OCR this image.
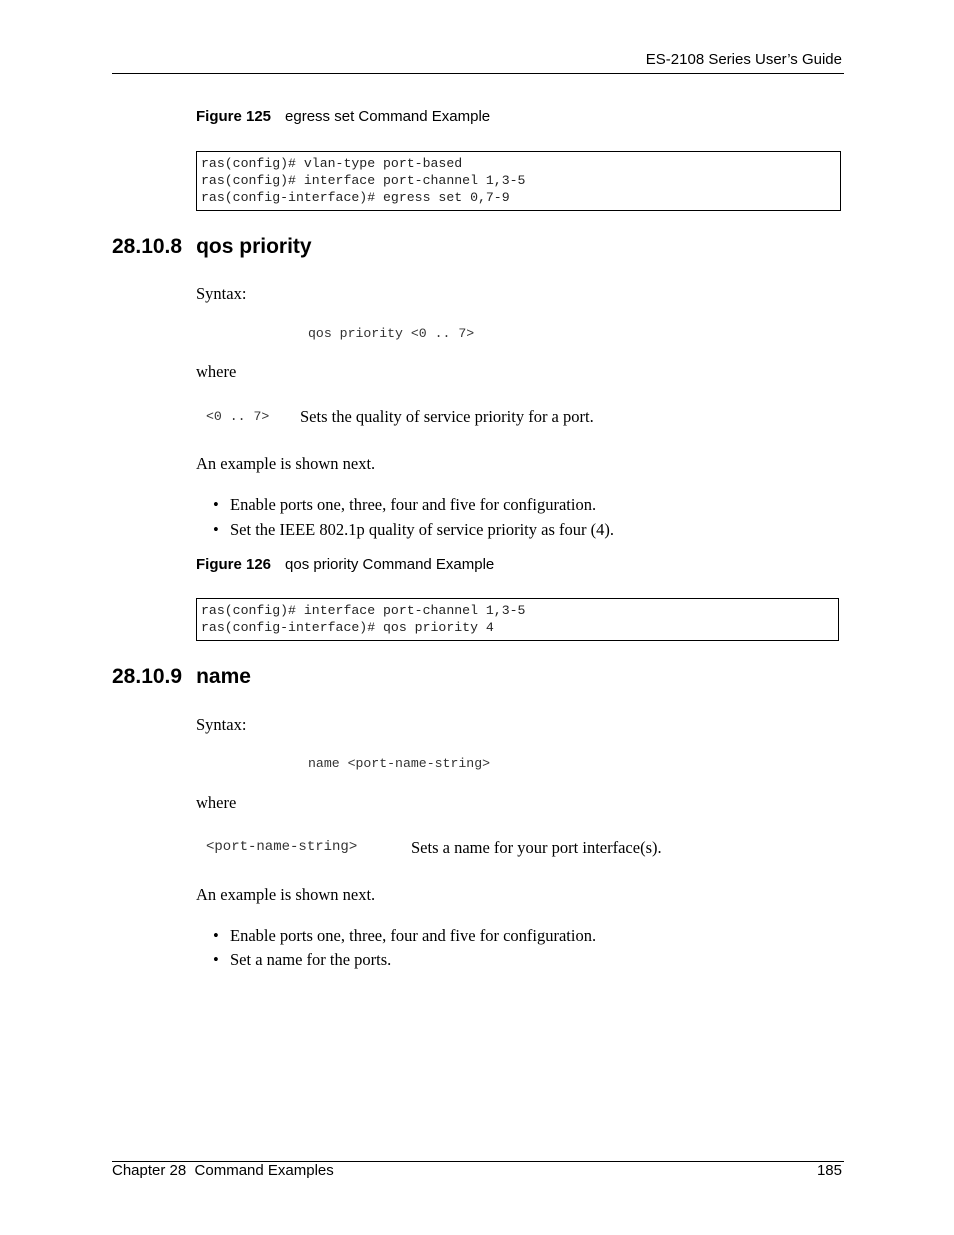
ES-2108 Series User’s Guide
Figure 125 egress set Command Example
ras(config)# vlan-type port-based
ras(config)# interface port-channel 1,3-5
ras(config-interface)# egress set 0,7-9
28.10.8 qos priority
Syntax:
qos priority <0 .. 7>
where
<0 .. 7> Sets the quality of service priority for a port.
An example is shown next.
• Enable ports one, three, four and five for configuration.
• Set the IEEE 802.1p quality of service priority as four (4).
Figure 126 qos priority Command Example
ras(config)# interface port-channel 1,3-5
ras(config-interface)# qos priority 4
28.10.9 name
Syntax:
name <port-name-string>
where
<port-name-string>	Sets a name for your port interface(s).
An example is shown next.
• Enable ports one, three, four and five for configuration.
• Set a name for the ports.
Chapter 28  Command Examples	185
